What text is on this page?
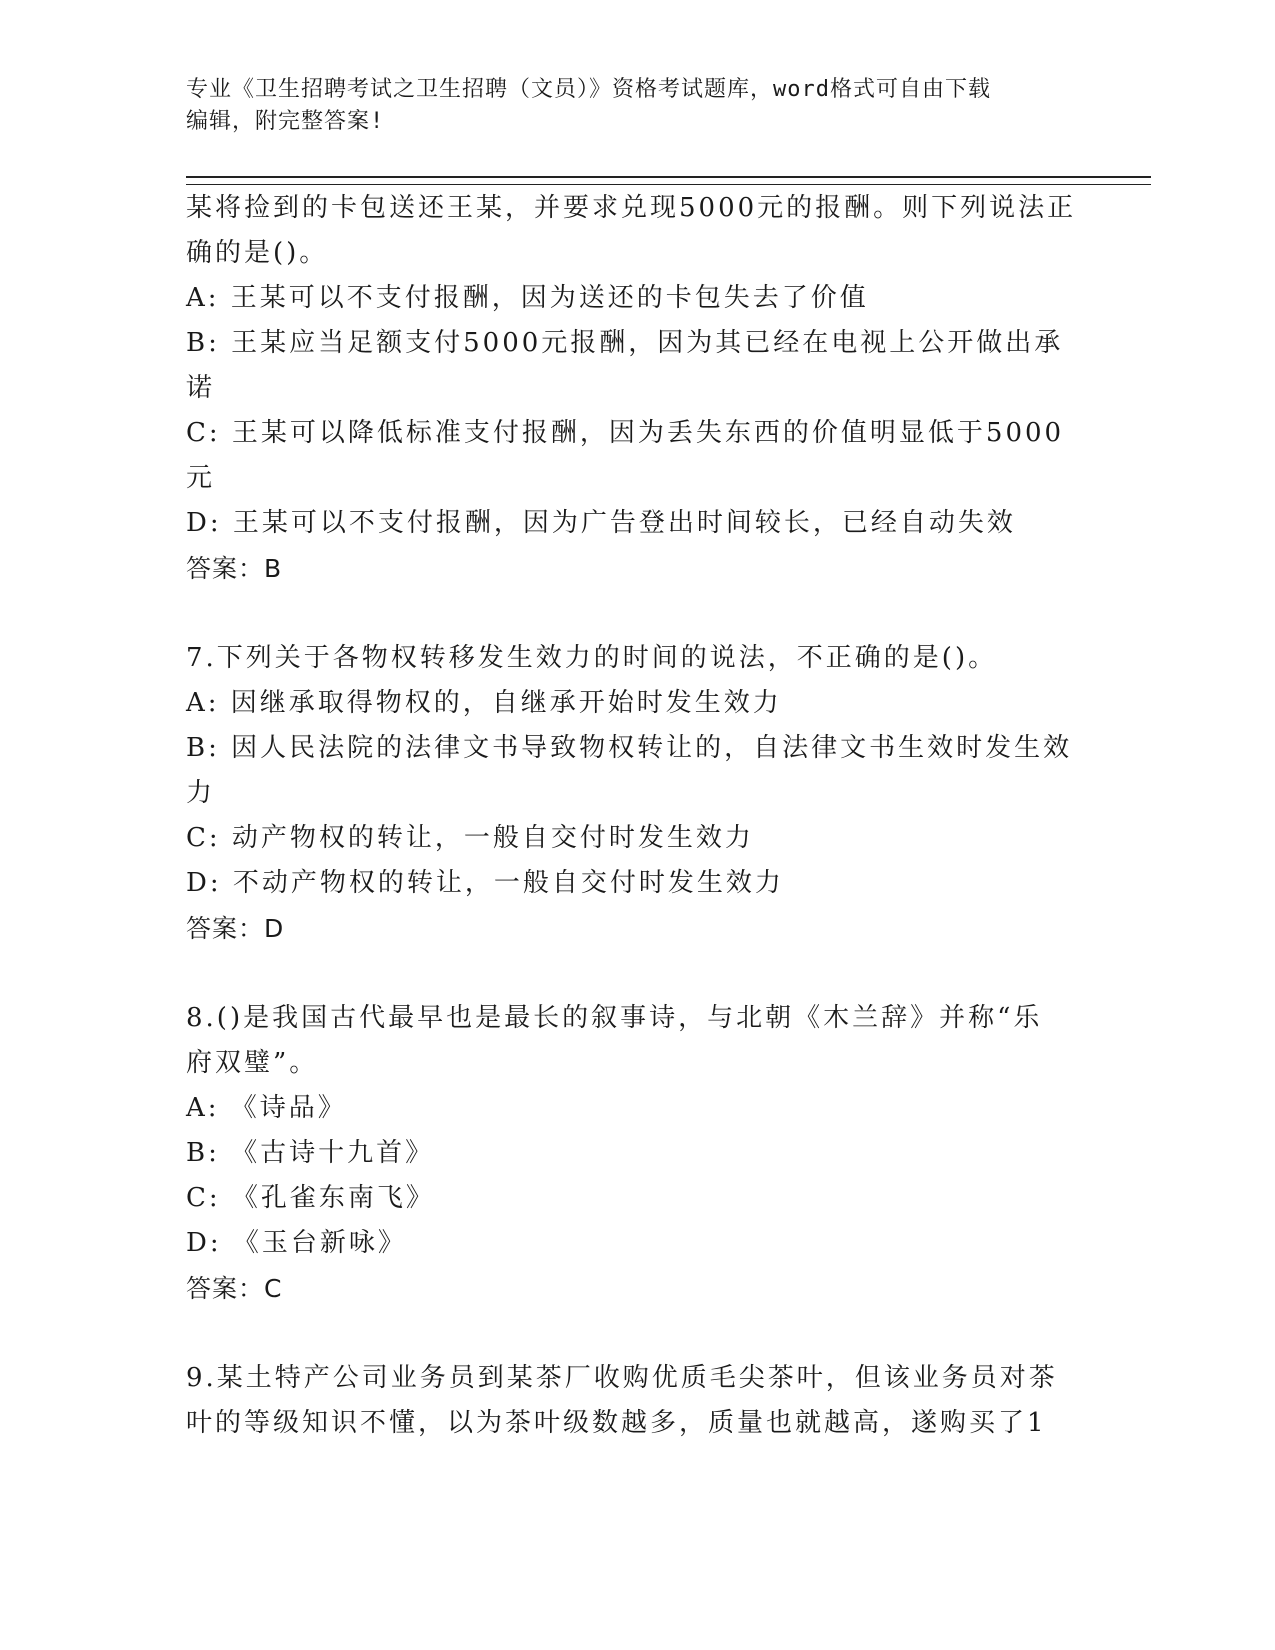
专业《卫生招聘考试之卫生招聘（文员）》资格考试题库，word格式可自由下载
编辑，附完整答案!
某将捡到的卡包送还王某，并要求兑现5000元的报酬。则下列说法正
确的是()。
A: 王某可以不支付报酬，因为送还的卡包失去了价值
B: 王某应当足额支付5000元报酬，因为其已经在电视上公开做出承
诺
C: 王某可以降低标准支付报酬，因为丢失东西的价值明显低于5000
元
D: 王某可以不支付报酬，因为广告登出时间较长，已经自动失效
答案：B
7.下列关于各物权转移发生效力的时间的说法，不正确的是()。
A: 因继承取得物权的，自继承开始时发生效力
B: 因人民法院的法律文书导致物权转让的，自法律文书生效时发生效
力
C: 动产物权的转让，一般自交付时发生效力
D: 不动产物权的转让，一般自交付时发生效力
答案：D
8.()是我国古代最早也是最长的叙事诗，与北朝《木兰辞》并称“乐
府双璧”。
A: 《诗品》
B: 《古诗十九首》
C: 《孔雀东南飞》
D: 《玉台新咏》
答案：C
9.某土特产公司业务员到某茶厂收购优质毛尖茶叶，但该业务员对茶
叶的等级知识不懂，以为茶叶级数越多，质量也就越高，遂购买了1
